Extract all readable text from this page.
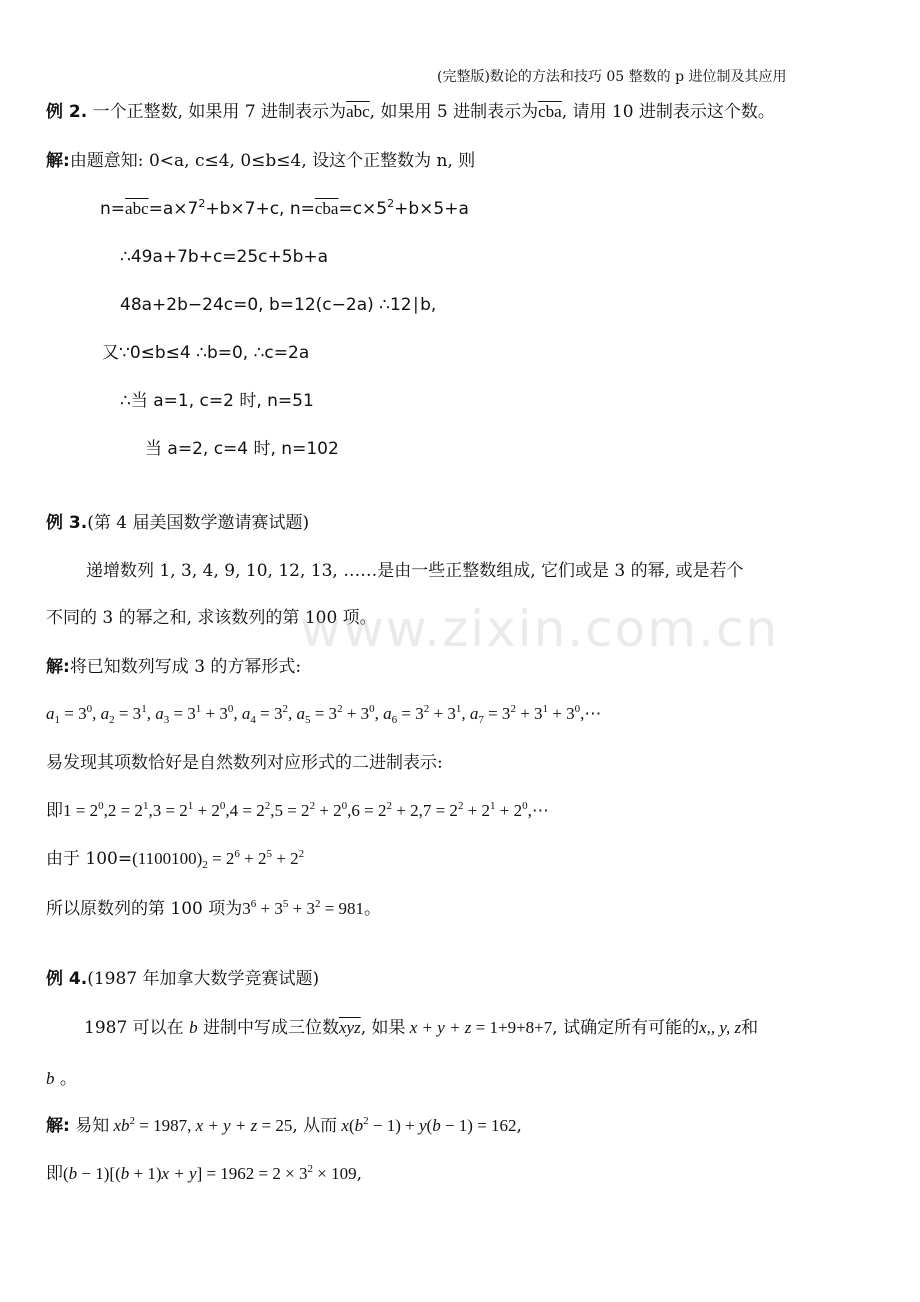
(完整版)数论的方法和技巧 05 整数的 p 进位制及其应用
例 2. 一个正整数, 如果用 7 进制表示为$\overline{abc}$, 如果用 5 进制表示为$\overline{cba}$, 请用 10 进制表示这个数。
解:由题意知: 0<a, c≤4, 0≤b≤4, 设这个正整数为 n, 则
$n=\overline{abc}=a\times 7^2+b\times 7+c$, $n=\overline{cba}=c\times 5^2+b\times 5+a$
∴49a+7b+c=25c+5b+a
48a+2b−24c=0, b=12(c−2a) ∴12∣b,
又∵0≤b≤4 ∴b=0, ∴c=2a
∴当 a=1, c=2 时, n=51
当 a=2, c=4 时, n=102
例 3.(第 4 届美国数学邀请赛试题)
递增数列 1, 3, 4, 9, 10, 12, 13, ……是由一些正整数组成, 它们或是 3 的幂, 或是若个
不同的 3 的幂之和, 求该数列的第 100 项。
解:将已知数列写成 3 的方幂形式:
$a_1 = 3^0$, $a_2 = 3^1$, $a_3 = 3^1 + 3^0$, $a_4 = 3^2$, $a_5 = 3^2 + 3^0$, $a_6 = 3^2 + 3^1$, $a_7 = 3^2 + 3^1$ + $3^0,\cdots$
易发现其项数恰好是自然数列对应形式的二进制表示:
即$1 = 2^0,2 = 2^1,3 = 2^1 + 2^0,4 = 2^2,5 = 2^2 + 2^0,6 = 2^2 + 2,7 = 2^2 + 2^1$ + $2^0,\cdots$
由于 $100=(1100100)_2 = 2^6 + 2^5 + 2^2$
所以原数列的第 100 项为$3^6 + 3^5 + 3^2 = 981$。
例 4.(1987 年加拿大数学竞赛试题)
1987 可以在 b 进制中写成三位数$\overline{xyz}$, 如果 x + y + z = 1+9+8+7, 试确定所有可能的x,, y, z和
b 。
解: 易知 $xb^2 = 1987$, x + y + z = 25, 从而 $x(b^2 - 1) + y(b - 1) = 162$,
即$(b - 1)[(b + 1)x + y] = 1962 = 2 \times 3^2 \times 109$,
www.zixin.com.cn
